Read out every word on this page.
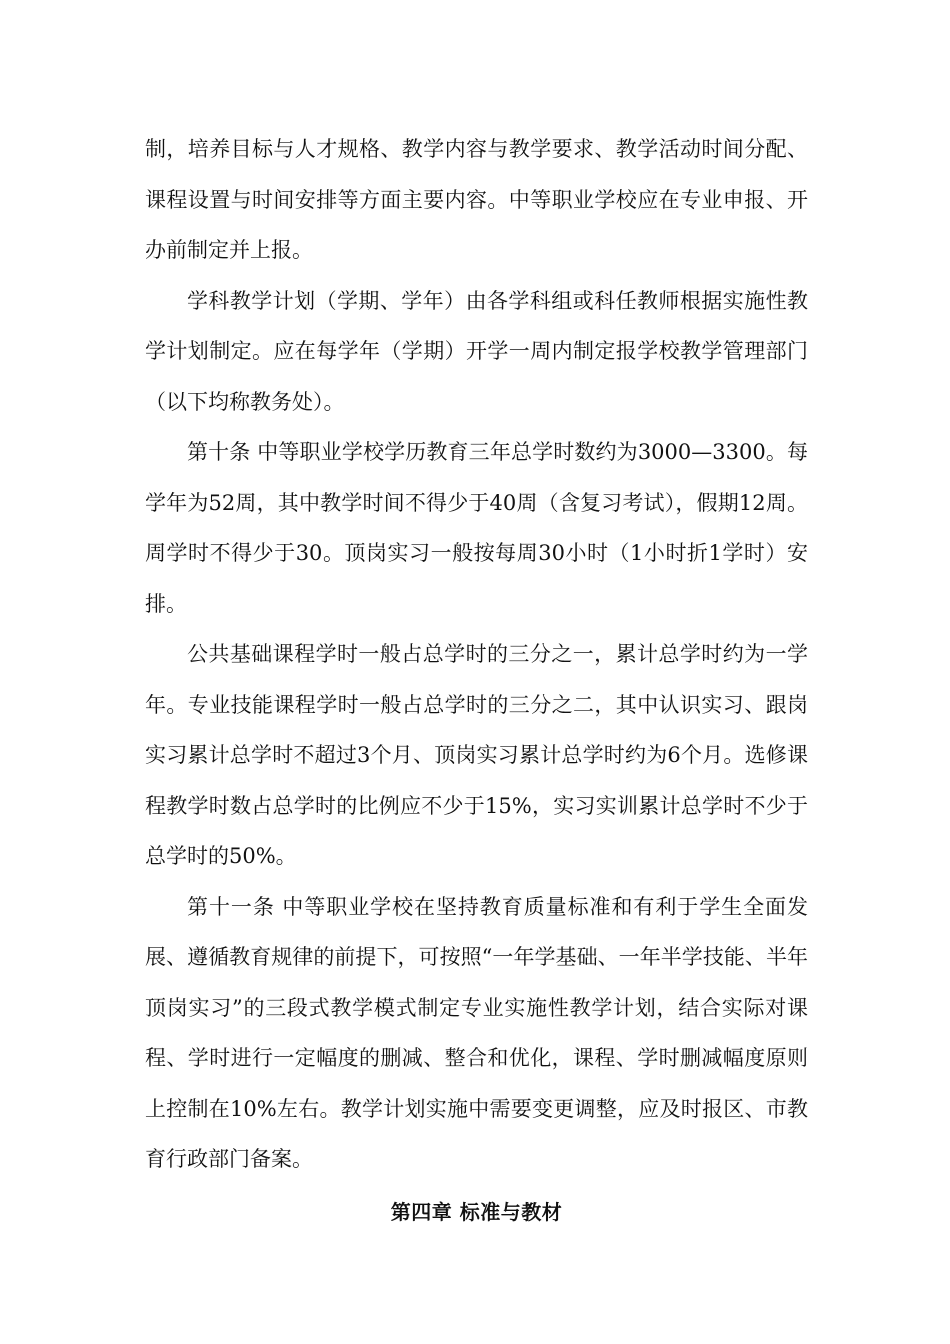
制，培养目标与人才规格、教学内容与教学要求、教学活动时间分配、课程设置与时间安排等方面主要内容。中等职业学校应在专业申报、开办前制定并上报。

学科教学计划（学期、学年）由各学科组或科任教师根据实施性教学计划制定。应在每学年（学期）开学一周内制定报学校教学管理部门（以下均称教务处）。

第十条 中等职业学校学历教育三年总学时数约为3000—3300。每学年为52周，其中教学时间不得少于40周（含复习考试），假期12周。周学时不得少于30。顶岗实习一般按每周30小时（1小时折1学时）安排。

公共基础课程学时一般占总学时的三分之一，累计总学时约为一学年。专业技能课程学时一般占总学时的三分之二，其中认识实习、跟岗实习累计总学时不超过3个月、顶岗实习累计总学时约为6个月。选修课程教学时数占总学时的比例应不少于15%，实习实训累计总学时不少于总学时的50%。

第十一条 中等职业学校在坚持教育质量标准和有利于学生全面发展、遵循教育规律的前提下，可按照“一年学基础、一年半学技能、半年顶岗实习”的三段式教学模式制定专业实施性教学计划，结合实际对课程、学时进行一定幅度的删减、整合和优化，课程、学时删减幅度原则上控制在10%左右。教学计划实施中需要变更调整，应及时报区、市教育行政部门备案。

第四章 标准与教材
